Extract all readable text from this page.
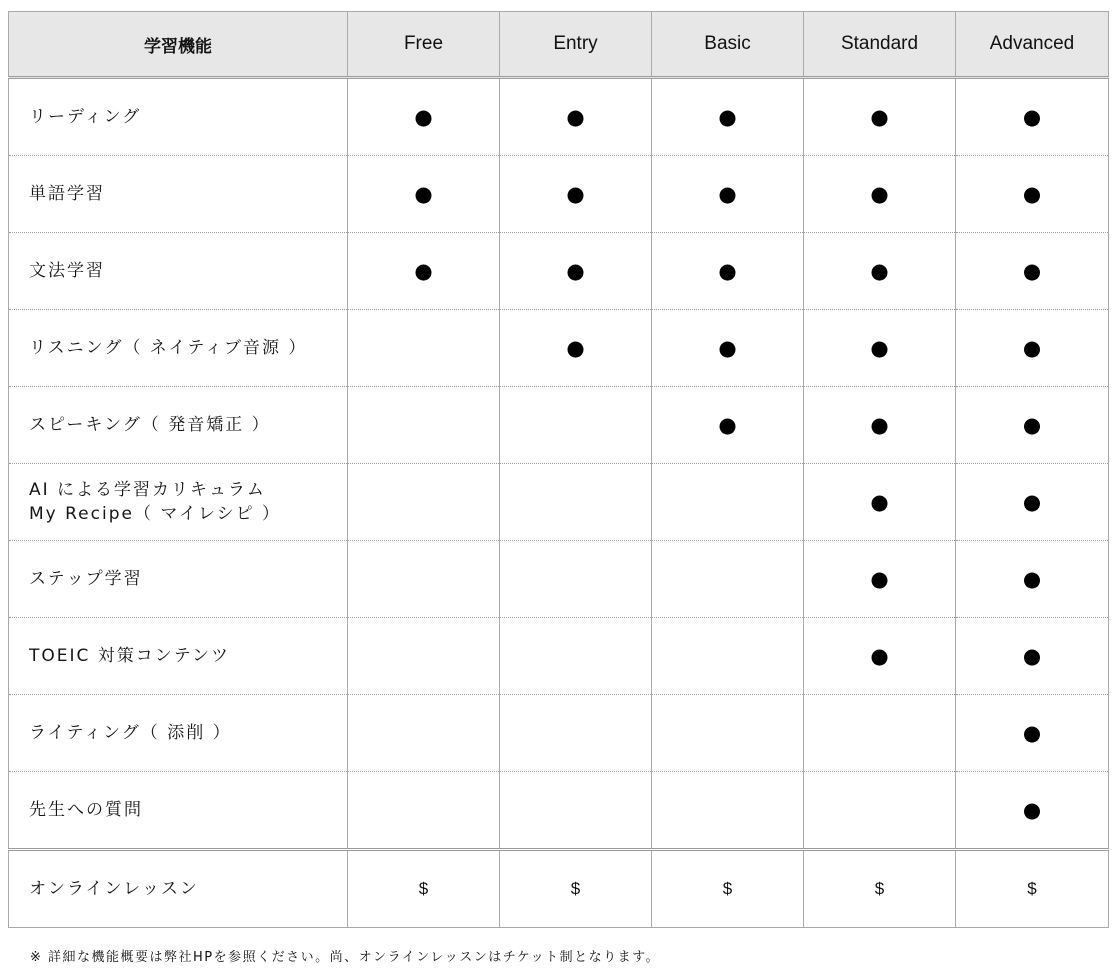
学習機能	Free	Entry	Basic	Standard	Advanced
リーディング	●	●	●	●	●
単語学習	●	●	●	●	●
文法学習	●	●	●	●	●
リスニング（ ネイティブ音源 ）		●	●	●	●
スピーキング（ 発音矯正 ）			●	●	●
AI による学習カリキュラム
My Recipe（ マイレシピ ）				●	●
ステップ学習				●	●
TOEIC 対策コンテンツ				●	●
ライティング（ 添削 ）					●
先生への質問					●
オンラインレッスン	$	$	$	$	$
※ 詳細な機能概要は弊社HPを参照ください。尚、オンラインレッスンはチケット制となります。
